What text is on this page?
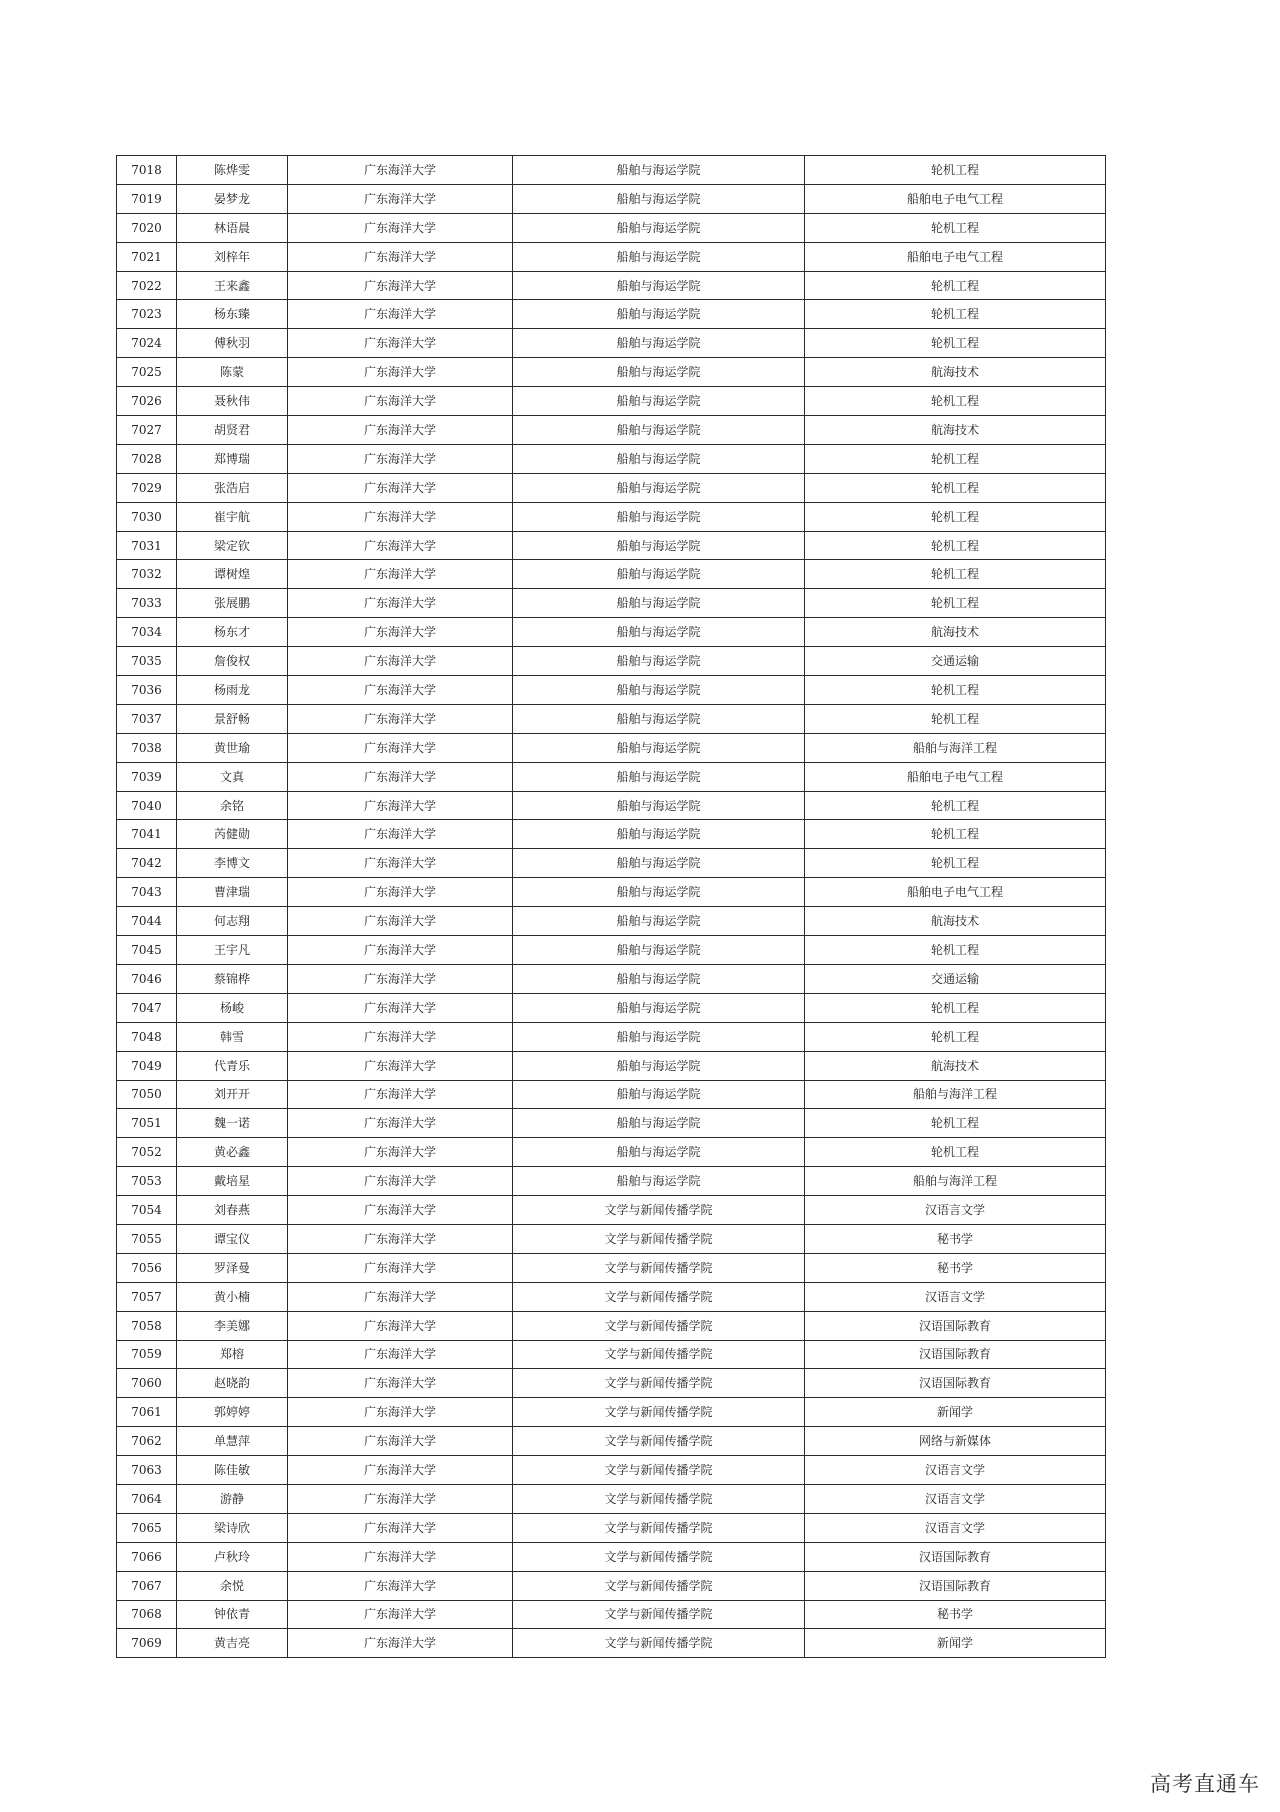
7018	陈烨雯	广东海洋大学	船舶与海运学院	轮机工程
7019	晏梦龙	广东海洋大学	船舶与海运学院	船舶电子电气工程
7020	林语晨	广东海洋大学	船舶与海运学院	轮机工程
7021	刘梓年	广东海洋大学	船舶与海运学院	船舶电子电气工程
7022	王来鑫	广东海洋大学	船舶与海运学院	轮机工程
7023	杨东臻	广东海洋大学	船舶与海运学院	轮机工程
7024	傅秋羽	广东海洋大学	船舶与海运学院	轮机工程
7025	陈蒙	广东海洋大学	船舶与海运学院	航海技术
7026	聂秋伟	广东海洋大学	船舶与海运学院	轮机工程
7027	胡贤君	广东海洋大学	船舶与海运学院	航海技术
7028	郑博瑞	广东海洋大学	船舶与海运学院	轮机工程
7029	张浩启	广东海洋大学	船舶与海运学院	轮机工程
7030	崔宇航	广东海洋大学	船舶与海运学院	轮机工程
7031	梁定钦	广东海洋大学	船舶与海运学院	轮机工程
7032	谭树煌	广东海洋大学	船舶与海运学院	轮机工程
7033	张展鹏	广东海洋大学	船舶与海运学院	轮机工程
7034	杨东才	广东海洋大学	船舶与海运学院	航海技术
7035	詹俊权	广东海洋大学	船舶与海运学院	交通运输
7036	杨雨龙	广东海洋大学	船舶与海运学院	轮机工程
7037	景舒畅	广东海洋大学	船舶与海运学院	轮机工程
7038	黄世瑜	广东海洋大学	船舶与海运学院	船舶与海洋工程
7039	文真	广东海洋大学	船舶与海运学院	船舶电子电气工程
7040	余铭	广东海洋大学	船舶与海运学院	轮机工程
7041	芮健勋	广东海洋大学	船舶与海运学院	轮机工程
7042	李博文	广东海洋大学	船舶与海运学院	轮机工程
7043	曹津瑞	广东海洋大学	船舶与海运学院	船舶电子电气工程
7044	何志翔	广东海洋大学	船舶与海运学院	航海技术
7045	王宇凡	广东海洋大学	船舶与海运学院	轮机工程
7046	蔡锦桦	广东海洋大学	船舶与海运学院	交通运输
7047	杨峻	广东海洋大学	船舶与海运学院	轮机工程
7048	韩雪	广东海洋大学	船舶与海运学院	轮机工程
7049	代青乐	广东海洋大学	船舶与海运学院	航海技术
7050	刘开开	广东海洋大学	船舶与海运学院	船舶与海洋工程
7051	魏一诺	广东海洋大学	船舶与海运学院	轮机工程
7052	黄必鑫	广东海洋大学	船舶与海运学院	轮机工程
7053	戴培星	广东海洋大学	船舶与海运学院	船舶与海洋工程
7054	刘春燕	广东海洋大学	文学与新闻传播学院	汉语言文学
7055	谭宝仪	广东海洋大学	文学与新闻传播学院	秘书学
7056	罗泽曼	广东海洋大学	文学与新闻传播学院	秘书学
7057	黄小楠	广东海洋大学	文学与新闻传播学院	汉语言文学
7058	李美娜	广东海洋大学	文学与新闻传播学院	汉语国际教育
7059	郑榕	广东海洋大学	文学与新闻传播学院	汉语国际教育
7060	赵晓韵	广东海洋大学	文学与新闻传播学院	汉语国际教育
7061	郭婷婷	广东海洋大学	文学与新闻传播学院	新闻学
7062	单慧萍	广东海洋大学	文学与新闻传播学院	网络与新媒体
7063	陈佳敏	广东海洋大学	文学与新闻传播学院	汉语言文学
7064	游静	广东海洋大学	文学与新闻传播学院	汉语言文学
7065	梁诗欣	广东海洋大学	文学与新闻传播学院	汉语言文学
7066	卢秋玲	广东海洋大学	文学与新闻传播学院	汉语国际教育
7067	余悦	广东海洋大学	文学与新闻传播学院	汉语国际教育
7068	钟依青	广东海洋大学	文学与新闻传播学院	秘书学
7069	黄吉亮	广东海洋大学	文学与新闻传播学院	新闻学
高考直通车
